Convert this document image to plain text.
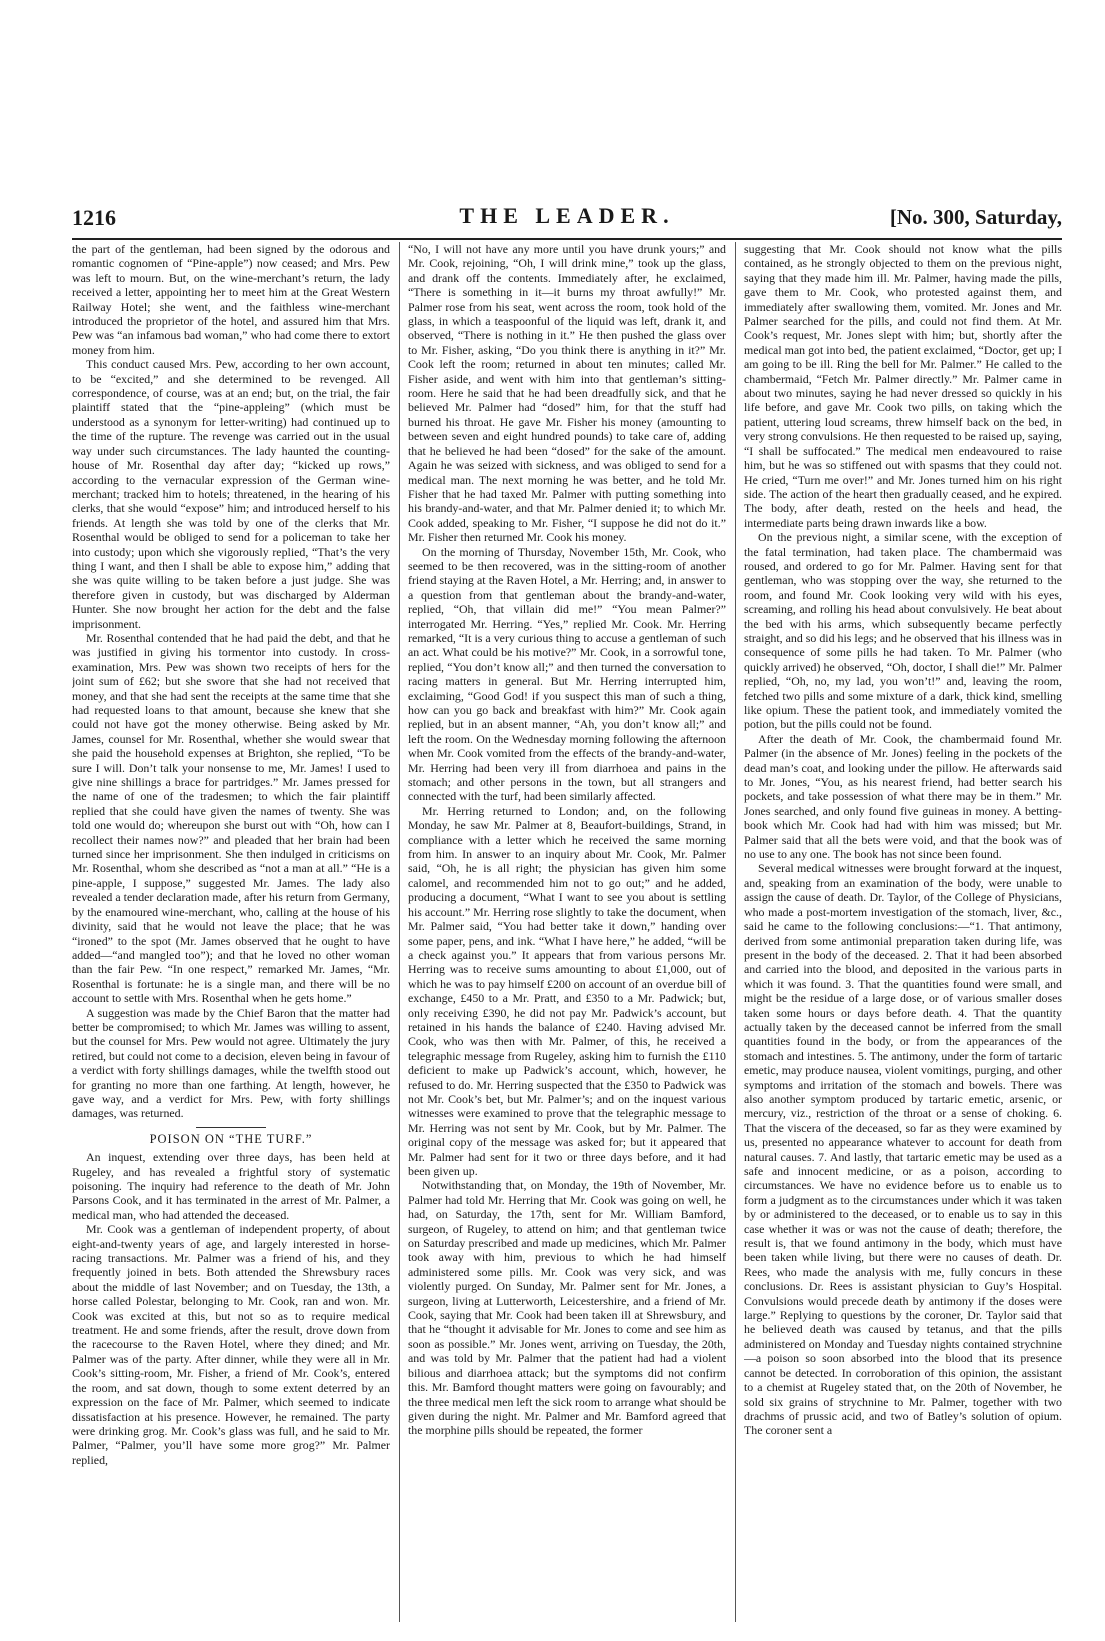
THE LEADER.
1216	[No. 300, Saturday,

the part of the gentleman, had been signed by the odorous and romantic cognomen of “Pine-apple”) now ceased; and Mrs. Pew was left to mourn. But, on the wine-merchant’s return, the lady received a letter, appointing her to meet him at the Great Western Railway Hotel; she went, and the faithless wine-merchant introduced the proprietor of the hotel, and assured him that Mrs. Pew was “an infamous bad woman,” who had come there to extort money from him.

This conduct caused Mrs. Pew, according to her own account, to be “excited,” and she determined to be revenged. All correspondence, of course, was at an end; but, on the trial, the fair plaintiff stated that the “pine-appleing” (which must be understood as a synonym for letter-writing) had continued up to the time of the rupture. The revenge was carried out in the usual way under such circumstances. The lady haunted the counting-house of Mr. Rosenthal day after day; “kicked up rows,” according to the vernacular expression of the German wine-merchant; tracked him to hotels; threatened, in the hearing of his clerks, that she would “expose” him; and introduced herself to his friends. At length she was told by one of the clerks that Mr. Rosenthal would be obliged to send for a policeman to take her into custody; upon which she vigorously replied, “That’s the very thing I want, and then I shall be able to expose him,” adding that she was quite willing to be taken before a just judge. She was therefore given in custody, but was discharged by Alderman Hunter. She now brought her action for the debt and the false imprisonment.

Mr. Rosenthal contended that he had paid the debt, and that he was justified in giving his tormentor into custody. In cross-examination, Mrs. Pew was shown two receipts of hers for the joint sum of £62; but she swore that she had not received that money, and that she had sent the receipts at the same time that she had requested loans to that amount, because she knew that she could not have got the money otherwise. Being asked by Mr. James, counsel for Mr. Rosenthal, whether she would swear that she paid the household expenses at Brighton, she replied, “To be sure I will. Don’t talk your nonsense to me, Mr. James! I used to give nine shillings a brace for partridges.” Mr. James pressed for the name of one of the tradesmen; to which the fair plaintiff replied that she could have given the names of twenty. She was told one would do; whereupon she burst out with “Oh, how can I recollect their names now?” and pleaded that her brain had been turned since her imprisonment. She then indulged in criticisms on Mr. Rosenthal, whom she described as “not a man at all.” “He is a pine-apple, I suppose,” suggested Mr. James. The lady also revealed a tender declaration made, after his return from Germany, by the enamoured wine-merchant, who, calling at the house of his divinity, said that he would not leave the place; that he was “ironed” to the spot (Mr. James observed that he ought to have added—“and mangled too”); and that he loved no other woman than the fair Pew. “In one respect,” remarked Mr. James, “Mr. Rosenthal is fortunate: he is a single man, and there will be no account to settle with Mrs. Rosenthal when he gets home.”

A suggestion was made by the Chief Baron that the matter had better be compromised; to which Mr. James was willing to assent, but the counsel for Mrs. Pew would not agree. Ultimately the jury retired, but could not come to a decision, eleven being in favour of a verdict with forty shillings damages, while the twelfth stood out for granting no more than one farthing. At length, however, he gave way, and a verdict for Mrs. Pew, with forty shillings damages, was returned.

POISON ON “THE TURF.”

An inquest, extending over three days, has been held at Rugeley, and has revealed a frightful story of systematic poisoning. The inquiry had reference to the death of Mr. John Parsons Cook, and it has terminated in the arrest of Mr. Palmer, a medical man, who had attended the deceased.

Mr. Cook was a gentleman of independent property, of about eight-and-twenty years of age, and largely interested in horse-racing transactions. Mr. Palmer was a friend of his, and they frequently joined in bets. Both attended the Shrewsbury races about the middle of last November; and on Tuesday, the 13th, a horse called Polestar, belonging to Mr. Cook, ran and won. Mr. Cook was excited at this, but not so as to require medical treatment. He and some friends, after the result, drove down from the racecourse to the Raven Hotel, where they dined; and Mr. Palmer was of the party. After dinner, while they were all in Mr. Cook’s sitting-room, Mr. Fisher, a friend of Mr. Cook’s, entered the room, and sat down, though to some extent deterred by an expression on the face of Mr. Palmer, which seemed to indicate dissatisfaction at his presence. However, he remained. The party were drinking grog. Mr. Cook’s glass was full, and he said to Mr. Palmer, “Palmer, you’ll have some more grog?” Mr. Palmer replied,

“No, I will not have any more until you have drunk yours;” and Mr. Cook, rejoining, “Oh, I will drink mine,” took up the glass, and drank off the contents. Immediately after, he exclaimed, “There is something in it—it burns my throat awfully!” Mr. Palmer rose from his seat, went across the room, took hold of the glass, in which a teaspoonful of the liquid was left, drank it, and observed, “There is nothing in it.” He then pushed the glass over to Mr. Fisher, asking, “Do you think there is anything in it?” Mr. Cook left the room; returned in about ten minutes; called Mr. Fisher aside, and went with him into that gentleman’s sitting-room. Here he said that he had been dreadfully sick, and that he believed Mr. Palmer had “dosed” him, for that the stuff had burned his throat. He gave Mr. Fisher his money (amounting to between seven and eight hundred pounds) to take care of, adding that he believed he had been “dosed” for the sake of the amount. Again he was seized with sickness, and was obliged to send for a medical man. The next morning he was better, and he told Mr. Fisher that he had taxed Mr. Palmer with putting something into his brandy-and-water, and that Mr. Palmer denied it; to which Mr. Cook added, speaking to Mr. Fisher, “I suppose he did not do it.” Mr. Fisher then returned Mr. Cook his money.

On the morning of Thursday, November 15th, Mr. Cook, who seemed to be then recovered, was in the sitting-room of another friend staying at the Raven Hotel, a Mr. Herring; and, in answer to a question from that gentleman about the brandy-and-water, replied, “Oh, that villain did me!” “You mean Palmer?” interrogated Mr. Herring. “Yes,” replied Mr. Cook. Mr. Herring remarked, “It is a very curious thing to accuse a gentleman of such an act. What could be his motive?” Mr. Cook, in a sorrowful tone, replied, “You don’t know all;” and then turned the conversation to racing matters in general. But Mr. Herring interrupted him, exclaiming, “Good God! if you suspect this man of such a thing, how can you go back and breakfast with him?” Mr. Cook again replied, but in an absent manner, “Ah, you don’t know all;” and left the room. On the Wednesday morning following the afternoon when Mr. Cook vomited from the effects of the brandy-and-water, Mr. Herring had been very ill from diarrhoea and pains in the stomach; and other persons in the town, but all strangers and connected with the turf, had been similarly affected.

Mr. Herring returned to London; and, on the following Monday, he saw Mr. Palmer at 8, Beaufort-buildings, Strand, in compliance with a letter which he received the same morning from him. In answer to an inquiry about Mr. Cook, Mr. Palmer said, “Oh, he is all right; the physician has given him some calomel, and recommended him not to go out;” and he added, producing a document, “What I want to see you about is settling his account.” Mr. Herring rose slightly to take the document, when Mr. Palmer said, “You had better take it down,” handing over some paper, pens, and ink. “What I have here,” he added, “will be a check against you.” It appears that from various persons Mr. Herring was to receive sums amounting to about £1,000, out of which he was to pay himself £200 on account of an overdue bill of exchange, £450 to a Mr. Pratt, and £350 to a Mr. Padwick; but, only receiving £390, he did not pay Mr. Padwick’s account, but retained in his hands the balance of £240. Having advised Mr. Cook, who was then with Mr. Palmer, of this, he received a telegraphic message from Rugeley, asking him to furnish the £110 deficient to make up Padwick’s account, which, however, he refused to do. Mr. Herring suspected that the £350 to Padwick was not Mr. Cook’s bet, but Mr. Palmer’s; and on the inquest various witnesses were examined to prove that the telegraphic message to Mr. Herring was not sent by Mr. Cook, but by Mr. Palmer. The original copy of the message was asked for; but it appeared that Mr. Palmer had sent for it two or three days before, and it had been given up.

Notwithstanding that, on Monday, the 19th of November, Mr. Palmer had told Mr. Herring that Mr. Cook was going on well, he had, on Saturday, the 17th, sent for Mr. William Bamford, surgeon, of Rugeley, to attend on him; and that gentleman twice on Saturday prescribed and made up medicines, which Mr. Palmer took away with him, previous to which he had himself administered some pills. Mr. Cook was very sick, and was violently purged. On Sunday, Mr. Palmer sent for Mr. Jones, a surgeon, living at Lutterworth, Leicestershire, and a friend of Mr. Cook, saying that Mr. Cook had been taken ill at Shrewsbury, and that he “thought it advisable for Mr. Jones to come and see him as soon as possible.” Mr. Jones went, arriving on Tuesday, the 20th, and was told by Mr. Palmer that the patient had had a violent bilious and diarrhoea attack; but the symptoms did not confirm this. Mr. Bamford thought matters were going on favourably; and the three medical men left the sick room to arrange what should be given during the night. Mr. Palmer and Mr. Bamford agreed that the morphine pills should be repeated, the former

suggesting that Mr. Cook should not know what the pills contained, as he strongly objected to them on the previous night, saying that they made him ill. Mr. Palmer, having made the pills, gave them to Mr. Cook, who protested against them, and immediately after swallowing them, vomited. Mr. Jones and Mr. Palmer searched for the pills, and could not find them. At Mr. Cook’s request, Mr. Jones slept with him; but, shortly after the medical man got into bed, the patient exclaimed, “Doctor, get up; I am going to be ill. Ring the bell for Mr. Palmer.” He called to the chambermaid, “Fetch Mr. Palmer directly.” Mr. Palmer came in about two minutes, saying he had never dressed so quickly in his life before, and gave Mr. Cook two pills, on taking which the patient, uttering loud screams, threw himself back on the bed, in very strong convulsions. He then requested to be raised up, saying, “I shall be suffocated.” The medical men endeavoured to raise him, but he was so stiffened out with spasms that they could not. He cried, “Turn me over!” and Mr. Jones turned him on his right side. The action of the heart then gradually ceased, and he expired. The body, after death, rested on the heels and head, the intermediate parts being drawn inwards like a bow.

On the previous night, a similar scene, with the exception of the fatal termination, had taken place. The chambermaid was roused, and ordered to go for Mr. Palmer. Having sent for that gentleman, who was stopping over the way, she returned to the room, and found Mr. Cook looking very wild with his eyes, screaming, and rolling his head about convulsively. He beat about the bed with his arms, which subsequently became perfectly straight, and so did his legs; and he observed that his illness was in consequence of some pills he had taken. To Mr. Palmer (who quickly arrived) he observed, “Oh, doctor, I shall die!” Mr. Palmer replied, “Oh, no, my lad, you won’t!” and, leaving the room, fetched two pills and some mixture of a dark, thick kind, smelling like opium. These the patient took, and immediately vomited the potion, but the pills could not be found.

After the death of Mr. Cook, the chambermaid found Mr. Palmer (in the absence of Mr. Jones) feeling in the pockets of the dead man’s coat, and looking under the pillow. He afterwards said to Mr. Jones, “You, as his nearest friend, had better search his pockets, and take possession of what there may be in them.” Mr. Jones searched, and only found five guineas in money. A betting-book which Mr. Cook had had with him was missed; but Mr. Palmer said that all the bets were void, and that the book was of no use to any one. The book has not since been found.

Several medical witnesses were brought forward at the inquest, and, speaking from an examination of the body, were unable to assign the cause of death. Dr. Taylor, of the College of Physicians, who made a post-mortem investigation of the stomach, liver, &c., said he came to the following conclusions:—“1. That antimony, derived from some antimonial preparation taken during life, was present in the body of the deceased. 2. That it had been absorbed and carried into the blood, and deposited in the various parts in which it was found. 3. That the quantities found were small, and might be the residue of a large dose, or of various smaller doses taken some hours or days before death. 4. That the quantity actually taken by the deceased cannot be inferred from the small quantities found in the body, or from the appearances of the stomach and intestines. 5. The antimony, under the form of tartaric emetic, may produce nausea, violent vomitings, purging, and other symptoms and irritation of the stomach and bowels. There was also another symptom produced by tartaric emetic, arsenic, or mercury, viz., restriction of the throat or a sense of choking. 6. That the viscera of the deceased, so far as they were examined by us, presented no appearance whatever to account for death from natural causes. 7. And lastly, that tartaric emetic may be used as a safe and innocent medicine, or as a poison, according to circumstances. We have no evidence before us to enable us to form a judgment as to the circumstances under which it was taken by or administered to the deceased, or to enable us to say in this case whether it was or was not the cause of death; therefore, the result is, that we found antimony in the body, which must have been taken while living, but there were no causes of death. Dr. Rees, who made the analysis with me, fully concurs in these conclusions. Dr. Rees is assistant physician to Guy’s Hospital. Convulsions would precede death by antimony if the doses were large.” Replying to questions by the coroner, Dr. Taylor said that he believed death was caused by tetanus, and that the pills administered on Monday and Tuesday nights contained strychnine—a poison so soon absorbed into the blood that its presence cannot be detected. In corroboration of this opinion, the assistant to a chemist at Rugeley stated that, on the 20th of November, he sold six grains of strychnine to Mr. Palmer, together with two drachms of prussic acid, and two of Batley’s solution of opium. The coroner sent a
